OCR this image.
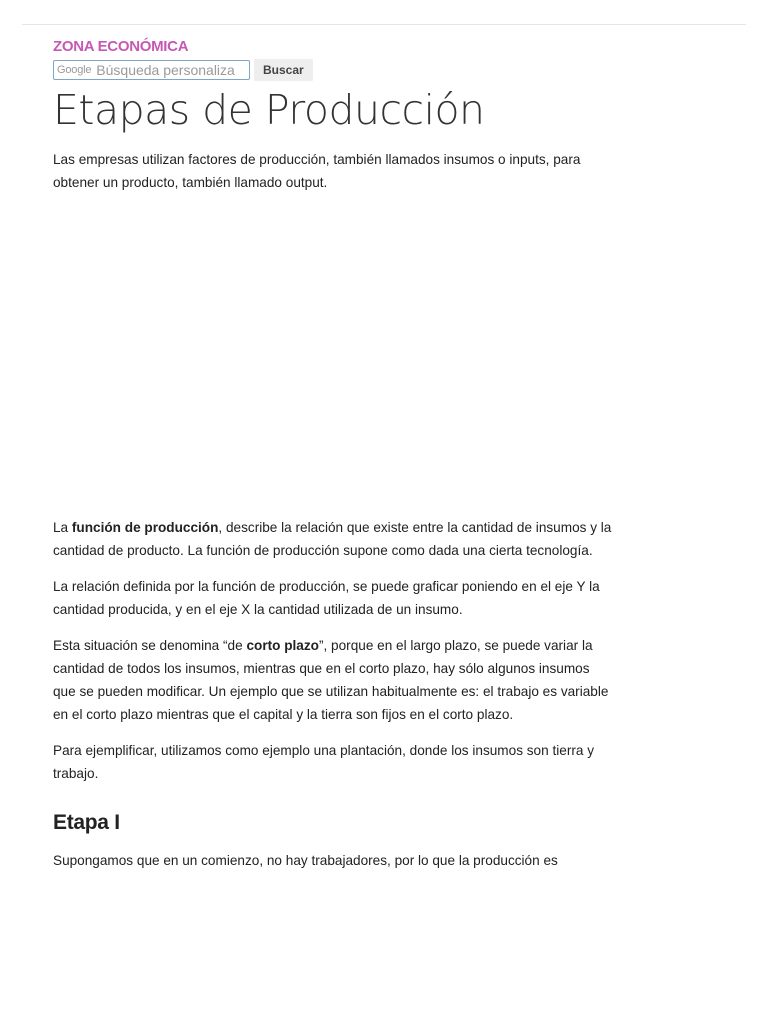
ZONA ECONÓMICA
Google
Búsqueda personaliza	Buscar
Etapas de Producción

Las empresas utilizan factores de producción, también llamados insumos o inputs, para obtener un producto, también llamado output.

La función de producción, describe la relación que existe entre la cantidad de insumos y la cantidad de producto. La función de producción supone como dada una cierta tecnología.

La relación definida por la función de producción, se puede graficar poniendo en el eje Y la cantidad producida, y en el eje X la cantidad utilizada de un insumo.

Esta situación se denomina “de corto plazo”, porque en el largo plazo, se puede variar la cantidad de todos los insumos, mientras que en el corto plazo, hay sólo algunos insumos que se pueden modificar. Un ejemplo que se utilizan habitualmente es: el trabajo es variable en el corto plazo mientras que el capital y la tierra son fijos en el corto plazo.

Para ejemplificar, utilizamos como ejemplo una plantación, donde los insumos son tierra y trabajo.

Etapa I

Supongamos que en un comienzo, no hay trabajadores, por lo que la producción es
